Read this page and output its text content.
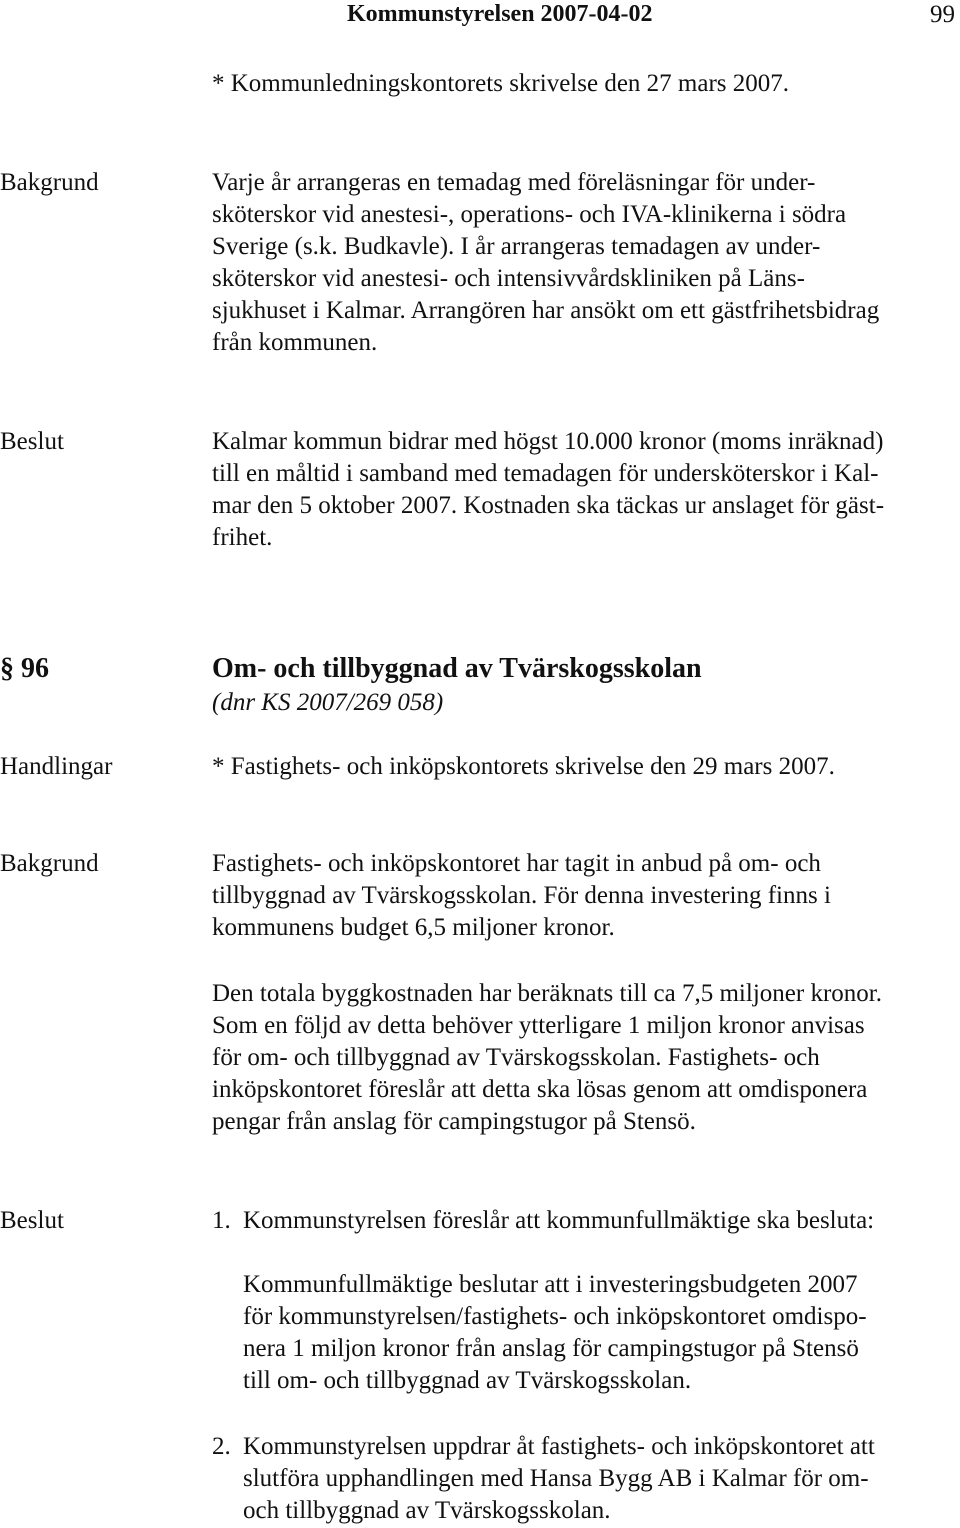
Kommunstyrelsen 2007-04-02	99
* Kommunledningskontorets skrivelse den 27 mars 2007.
Bakgrund	Varje år arrangeras en temadag med föreläsningar för under-
sköterskor vid anestesi-, operations- och IVA-klinikerna i södra
Sverige (s.k. Budkavle). I år arrangeras temadagen av under-
sköterskor vid anestesi- och intensivvårdskliniken på Läns-
sjukhuset i Kalmar. Arrangören har ansökt om ett gästfrihetsbidrag
från kommunen.
Beslut	Kalmar kommun bidrar med högst 10.000 kronor (moms inräknad)
till en måltid i samband med temadagen för undersköterskor i Kal-
mar den 5 oktober 2007. Kostnaden ska täckas ur anslaget för gäst-
frihet.
§ 96	Om- och tillbyggnad av Tvärskogsskolan
(dnr KS 2007/269 058)
Handlingar	* Fastighets- och inköpskontorets skrivelse den 29 mars 2007.
Bakgrund	Fastighets- och inköpskontoret har tagit in anbud på om- och
tillbyggnad av Tvärskogsskolan. För denna investering finns i
kommunens budget 6,5 miljoner kronor.
Den totala byggkostnaden har beräknats till ca 7,5 miljoner kronor.
Som en följd av detta behöver ytterligare 1 miljon kronor anvisas
för om- och tillbyggnad av Tvärskogsskolan. Fastighets- och
inköpskontoret föreslår att detta ska lösas genom att omdisponera
pengar från anslag för campingstugor på Stensö.
Beslut	1. Kommunstyrelsen föreslår att kommunfullmäktige ska besluta:
Kommunfullmäktige beslutar att i investeringsbudgeten 2007
för kommunstyrelsen/fastighets- och inköpskontoret omdispo-
nera 1 miljon kronor från anslag för campingstugor på Stensö
till om- och tillbyggnad av Tvärskogsskolan.
2. Kommunstyrelsen uppdrar åt fastighets- och inköpskontoret att
slutföra upphandlingen med Hansa Bygg AB i Kalmar för om-
och tillbyggnad av Tvärskogsskolan.
